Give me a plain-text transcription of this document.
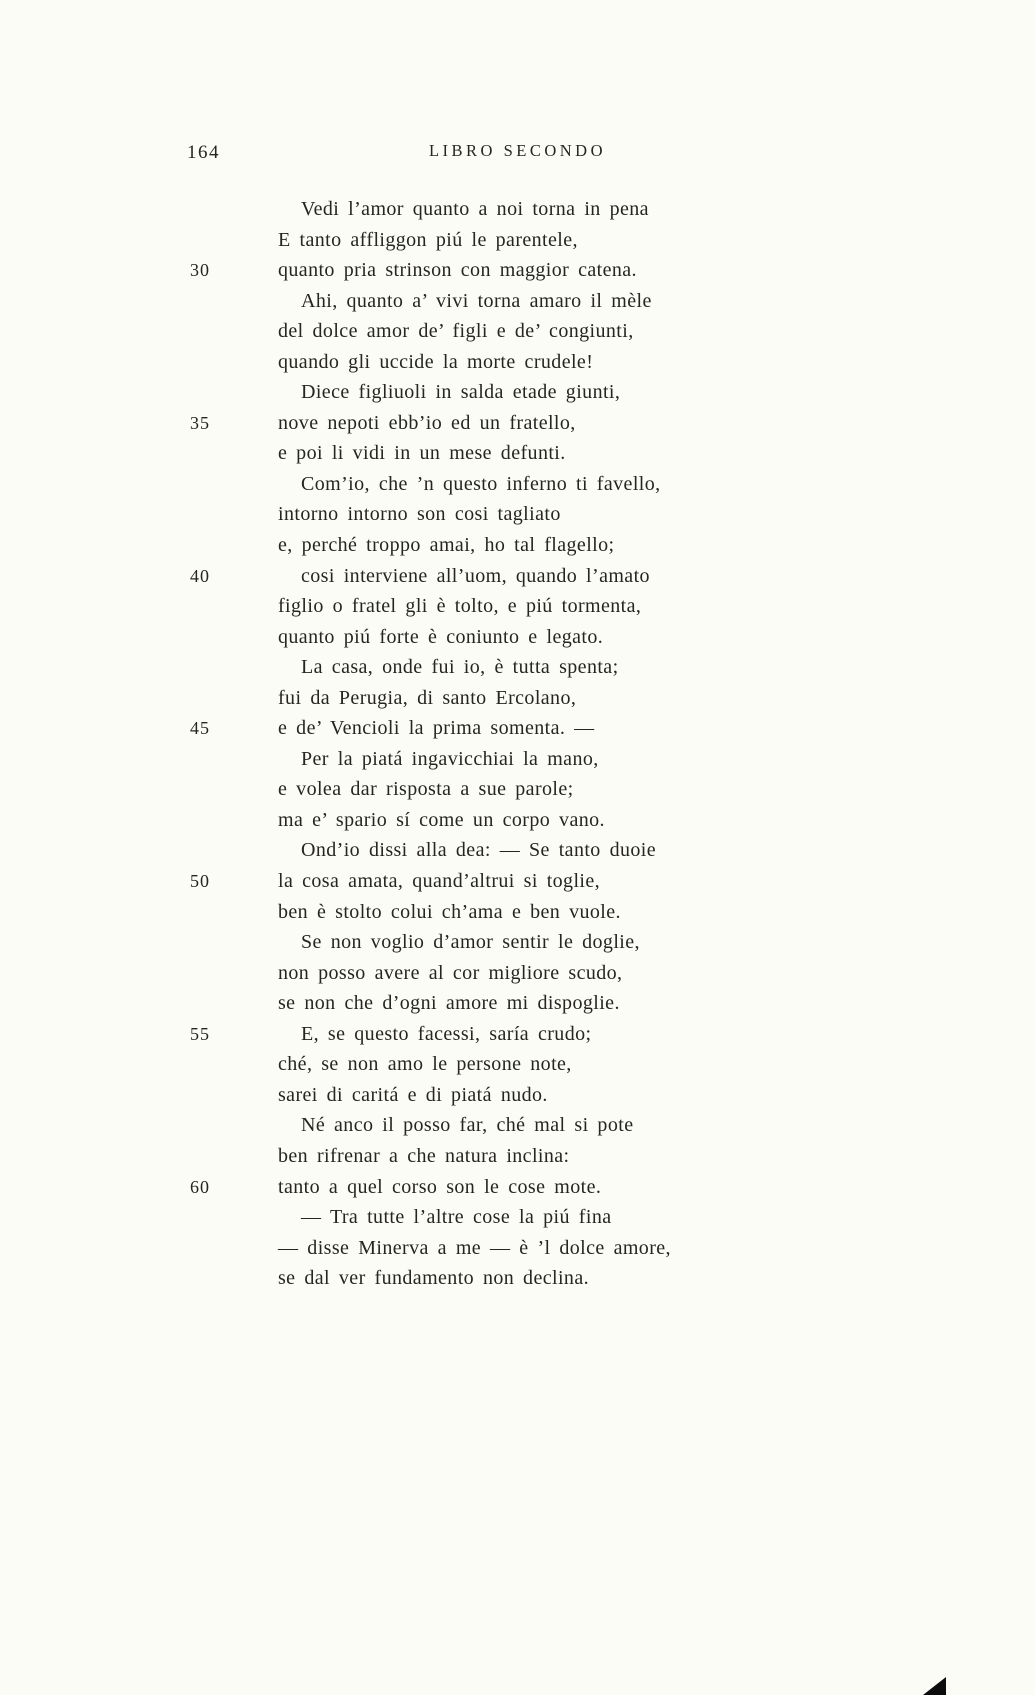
164	LIBRO SECONDO
Vedi l’amor quanto a noi torna in pena
E tanto affliggon piú le parentele,
30	quanto pria strinson con maggior catena.
Ahi, quanto a’ vivi torna amaro il mèle
del dolce amor de’ figli e de’ congiunti,
quando gli uccide la morte crudele!
Diece figliuoli in salda etade giunti,
35	nove nepoti ebb’io ed un fratello,
e poi li vidi in un mese defunti.
Com’io, che ’n questo inferno ti favello,
intorno intorno son cosi tagliato
e, perché troppo amai, ho tal flagello;
40	cosi interviene all’uom, quando l’amato
figlio o fratel gli è tolto, e piú tormenta,
quanto piú forte è coniunto e legato.
La casa, onde fui io, è tutta spenta;
fui da Perugia, di santo Ercolano,
45	e de’ Vencioli la prima somenta. —
Per la piatá ingavicchiai la mano,
e volea dar risposta a sue parole;
ma e’ spario sí come un corpo vano.
Ond’io dissi alla dea: — Se tanto duoie
50	la cosa amata, quand’altrui si toglie,
ben è stolto colui ch’ama e ben vuole.
Se non voglio d’amor sentir le doglie,
non posso avere al cor migliore scudo,
se non che d’ogni amore mi dispoglie.
55	E, se questo facessi, saría crudo;
ché, se non amo le persone note,
sarei di caritá e di piatá nudo.
Né anco il posso far, ché mal si pote
ben rifrenar a che natura inclina:
60	tanto a quel corso son le cose mote.
— Tra tutte l’altre cose la piú fina
— disse Minerva a me — è ’l dolce amore,
se dal ver fundamento non declina.
